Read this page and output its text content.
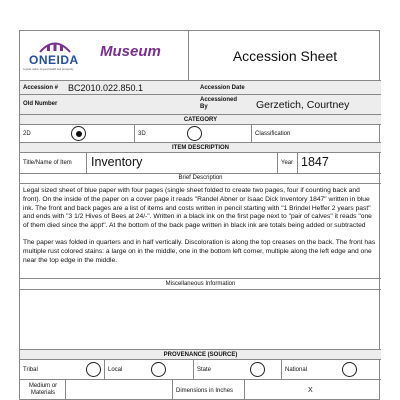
ONEIDA
A great nation of good health and prosperity
Museum	Accession Sheet
Accession # BC2010.022.850.1	Accession Date
Old Number
Accessioned By	Gerzetich, Courtney
CATEGORY
2D	3D	Classification
ITEM DESCRIPTION
Title/Name of Item Inventory	Year 1847
Brief Description

Legal sized sheet of blue paper with four pages (single sheet folded to create two pages, four if counting back and front). On the inside of the paper on a cover page it reads "Randel Abner or Isaac Dick Inventory 1847" written in blue ink. The front and back pages are a list of items and costs written in pencil starting with "1 Brindel Heffer 2 years past" and ends with "3 1/2 Hives of Bees at 24/-". Written in a black ink on the first page next to "pair of calves" it reads "one of them died since the appt". At the bottom of the back page written in black ink are totals being added or subtracted

The paper was folded in quarters and in half vertically. Discoloration is along the top creases on the back. The front has multiple rust colored stains: a large on in the middle, one in the bottom left corner, multiple along the left edge and one near the top edge in the middle.

Miscellaneous Information
PROVENANCE (SOURCE)
Tribal	Local	State	National
Medium or Materials	Dimensions in Inches	X
